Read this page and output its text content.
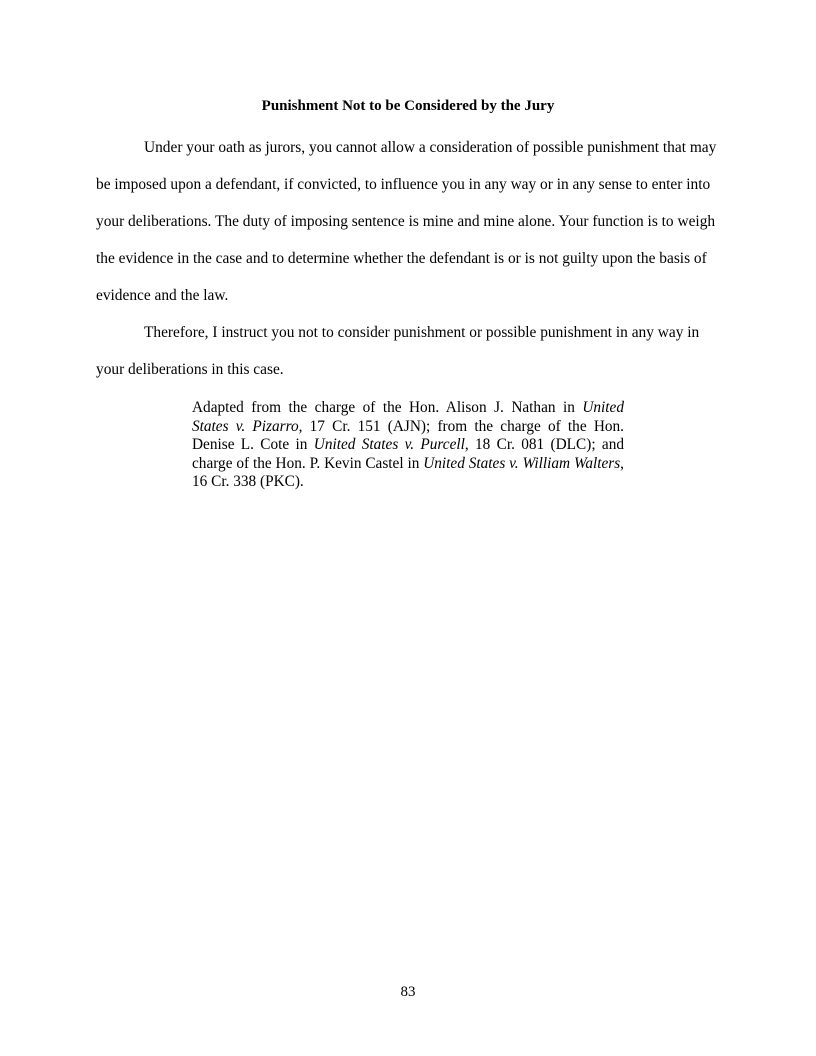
Punishment Not to be Considered by the Jury

Under your oath as jurors, you cannot allow a consideration of possible punishment that may be imposed upon a defendant, if convicted, to influence you in any way or in any sense to enter into your deliberations. The duty of imposing sentence is mine and mine alone. Your function is to weigh the evidence in the case and to determine whether the defendant is or is not guilty upon the basis of evidence and the law.

Therefore, I instruct you not to consider punishment or possible punishment in any way in your deliberations in this case.

Adapted from the charge of the Hon. Alison J. Nathan in United States v. Pizarro, 17 Cr. 151 (AJN); from the charge of the Hon. Denise L. Cote in United States v. Purcell, 18 Cr. 081 (DLC); and charge of the Hon. P. Kevin Castel in United States v. William Walters, 16 Cr. 338 (PKC).

83
